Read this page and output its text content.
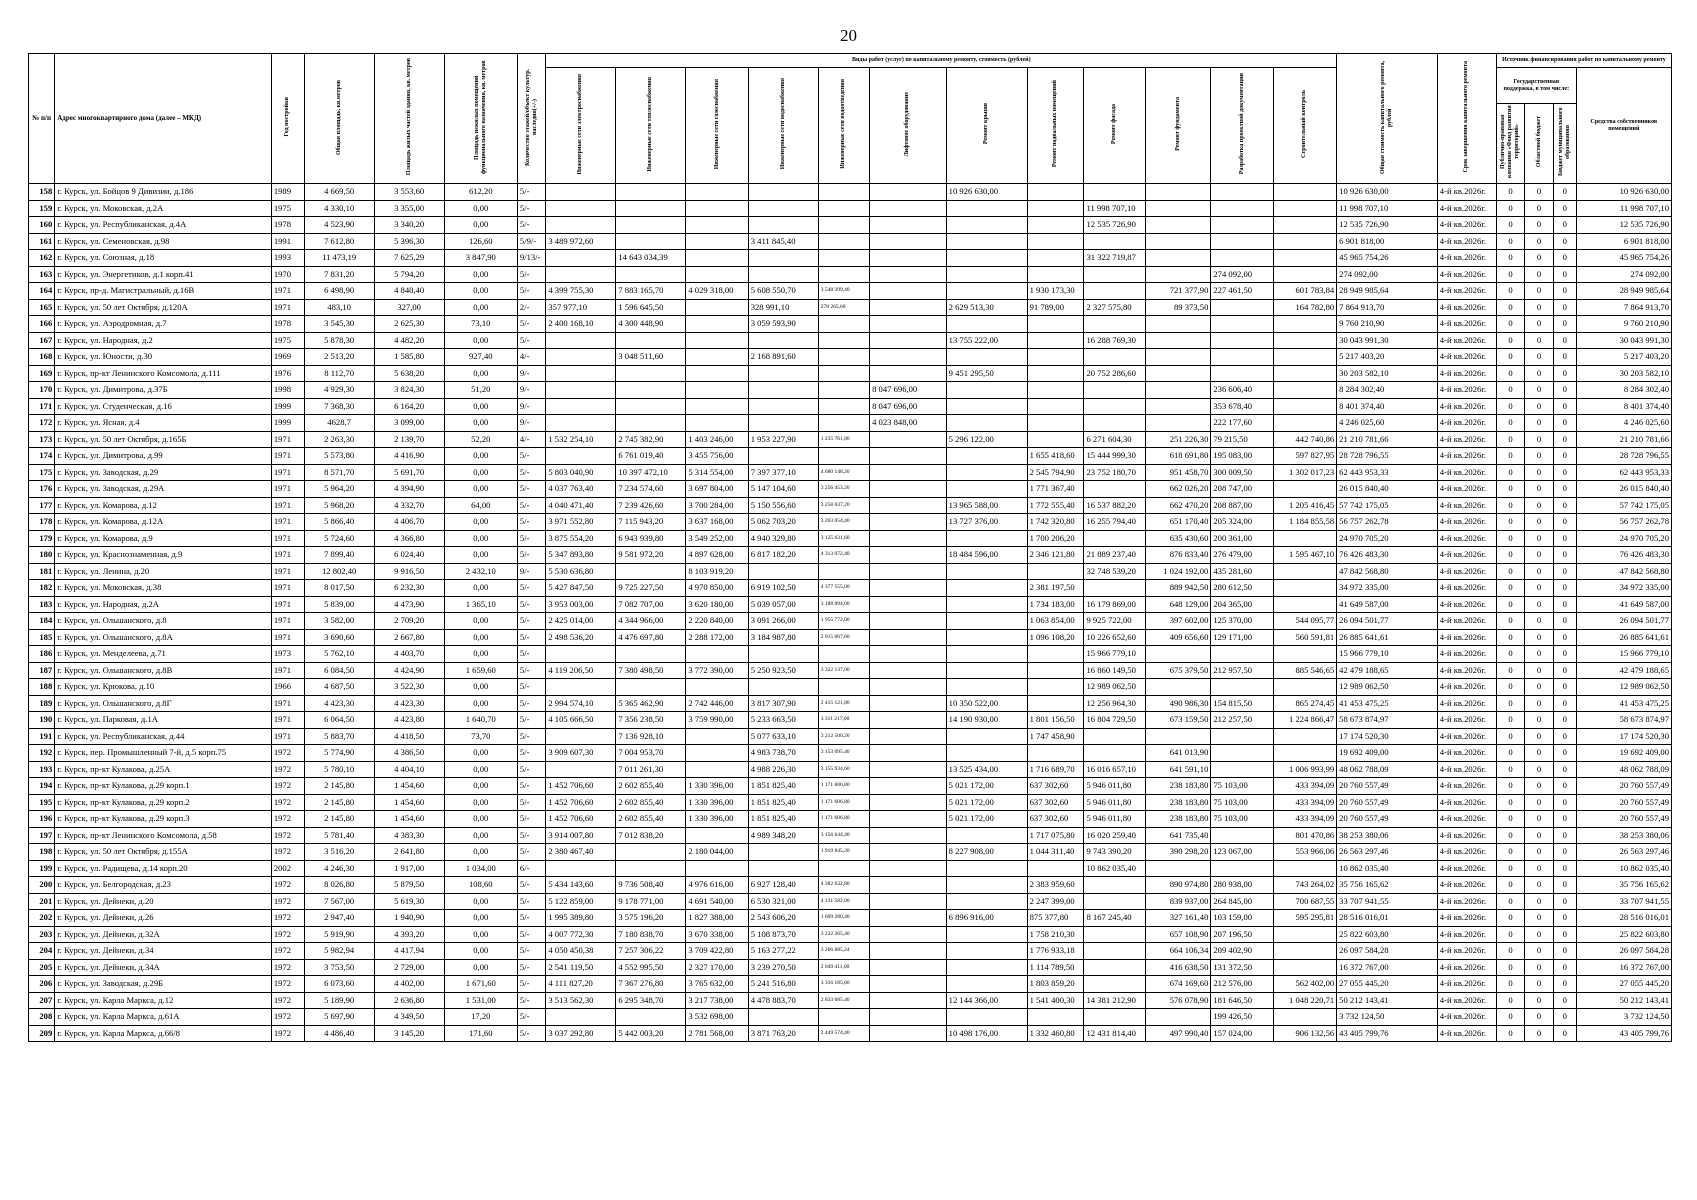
20
№ п/п	Адрес многоквартирного дома (далее – МКД)	Год постройки	Общая площадь, кв.метров	Площадь жилых частей здания, кв. метров	Площадь нежилых помещений функционального назначения, кв. метров	Количество этажей/объект культур. наследия(+/-)	Виды работ (услуг) по капитальному ремонту, стоимость (рублей)												Общая стоимость капитального ремонта, рублей	Срок завершения капитального ремонта	Источник финансирования работ по капитальному ремонту			
							Инженерные сети электроснабжения	Инженерные сети теплоснабжения	Инженерные сети газоснабжения	Инженерные сети водоснабжения	Инженерные сети водоотведения	Лифтовое оборудование	Ремонт крыши	Ремонт подвальных помещений	Ремонт фасада	Ремонт фундамента	Разработка проектной документации	Строительный контроль			Государственная поддержка, в том числе:			Средства собственников помещений
																					Публично-правовая компания «Фонд развития территорий»	Областной бюджет	Бюджет муниципального образования	
158	г. Курск, ул. Бойцов 9 Дивизии, д.186	1989	4 669,50	3 553,60	612,20	5/-							10 926 630,00						10 926 630,00	4-й кв.2026г.	0	0	0	10 926 630,00
159	г. Курск, ул. Моковская, д.2А	1975	4 330,10	3 355,00	0,00	5/-									11 998 707,10				11 998 707,10	4-й кв.2026г.	0	0	0	11 998 707,10
160	г. Курск, ул. Республиканская, д.4А	1978	4 523,90	3 340,20	0,00	5/-									12 535 726,90				12 535 726,90	4-й кв.2026г.	0	0	0	12 535 726,90
161	г. Курск, ул. Семеновская, д.98	1991	7 612,80	5 396,30	126,60	5/9/-	3 489 972,60			3 411 845,40									6 901 818,00	4-й кв.2026г.	0	0	0	6 901 818,00
162	г. Курск, ул. Союзная, д.18	1993	11 473,19	7 625,29	3 847,90	9/13/-		14 643 034,39							31 322 719,87				45 965 754,26	4-й кв.2026г.	0	0	0	45 965 754,26
163	г. Курск, ул. Энергетиков, д.1 корп.41	1970	7 831,20	5 794,20	0,00	5/-											274 092,00		274 092,00	4-й кв.2026г.	0	0	0	274 092,00
164	г. Курск, пр-д. Магистральный, д.16В	1971	6 498,90	4 840,40	0,00	5/-	4 399 755,30	7 883 165,70	4 029 318,00	5 608 550,70	3 548 399,40			1 930 173,30		721 377,90	227 461,50	601 783,84	28 949 985,64	4-й кв.2026г.	0	0	0	28 949 985,64
165	г. Курск, ул. 50 лет Октября, д.120А	1971	483,10	327,00	0,00	2/-	357 977,10	1 596 645,50		328 991,10	278 265,60		2 629 513,30	91 789,00	2 327 575,80	89 373,50		164 782,80	7 864 913,70	4-й кв.2026г.	0	0	0	7 864 913,70
166	г. Курск, ул. Аэродромная, д.7	1978	3 545,30	2 625,30	73,10	5/-	2 400 168,10	4 300 448,90		3 059 593,90									9 760 210,90	4-й кв.2026г.	0	0	0	9 760 210,90
167	г. Курск, ул. Народная, д.2	1975	5 878,30	4 482,20	0,00	5/-							13 755 222,00		16 288 769,30				30 043 991,30	4-й кв.2026г.	0	0	0	30 043 991,30
168	г. Курск, ул. Юности, д.30	1969	2 513,20	1 585,80	927,40	4/-		3 048 511,60		2 168 891,60									5 217 403,20	4-й кв.2026г.	0	0	0	5 217 403,20
169	г. Курск, пр-кт Ленинского Комсомола, д.111	1976	8 112,70	5 638,20	0,00	9/-							9 451 295,50		20 752 286,60				30 203 582,10	4-й кв.2026г.	0	0	0	30 203 582,10
170	г. Курск, ул. Димитрова, д.37Б	1998	4 929,30	3 824,30	51,20	9/-						8 047 696,00					236 606,40		8 284 302,40	4-й кв.2026г.	0	0	0	8 284 302,40
171	г. Курск, ул. Студенческая, д.16	1999	7 368,30	6 164,20	0,00	9/-						8 047 696,00					353 678,40		8 401 374,40	4-й кв.2026г.	0	0	0	8 401 374,40
172	г. Курск, ул. Ясная, д.4	1999	4628,7	3 099,00	0,00	9/-						4 023 848,00					222 177,60		4 246 025,60	4-й кв.2026г.	0	0	0	4 246 025,60
173	г. Курск, ул. 50 лет Октября, д.165Б	1971	2 263,30	2 139,70	52,20	4/-	1 532 254,10	2 745 382,90	1 403 246,00	1 953 227,90	1 235 761,80		5 296 122,00		6 271 604,30	251 226,30	79 215,50	442 740,86	21 210 781,66	4-й кв.2026г.	0	0	0	21 210 781,66
174	г. Курск, ул. Димитрова, д.99	1971	5 573,80	4 416,90	0,00	5/-		6 761 019,40	3 455 756,00					1 655 418,60	15 444 999,30	618 691,80	195 083,00	597 827,95	28 728 796,55	4-й кв.2026г.	0	0	0	28 728 796,55
175	г. Курск, ул. Заводская, д.29	1971	8 571,70	5 691,70	0,00	5/-	5 803 040,90	10 397 472,10	5 314 554,00	7 397 377,10	4 680 148,20			2 545 794,90	23 752 180,70	951 458,70	300 009,50	1 302 017,23	62 443 953,33	4-й кв.2026г.	0	0	0	62 443 953,33
176	г. Курск, ул. Заводская, д.29А	1971	5 964,20	4 394,90	0,00	5/-	4 037 763,40	7 234 574,60	3 697 804,00	5 147 104,60	3 256 453,20			1 771 367,40		662 026,20	208 747,00		26 015 840,40	4-й кв.2026г.	0	0	0	26 015 840,40
177	г. Курск, ул. Комарова, д.12	1971	5 968,20	4 332,70	64,00	5/-	4 040 471,40	7 239 426,60	3 700 284,00	5 150 556,60	3 258 637,20		13 965 588,00	1 772 555,40	16 537 882,20	662 470,20	208 887,00	1 205 416,45	57 742 175,05	4-й кв.2026г.	0	0	0	57 742 175,05
178	г. Курск, ул. Комарова, д.12А	1971	5 866,40	4 406,70	0,00	5/-	3 971 552,80	7 115 943,20	3 637 168,00	5 062 703,20	3 203 054,40		13 727 376,00	1 742 320,80	16 255 794,40	651 170,40	205 324,00	1 184 855,58	56 757 262,78	4-й кв.2026г.	0	0	0	56 757 262,78
179	г. Курск, ул. Комарова, д.9	1971	5 724,60	4 366,80	0,00	5/-	3 875 554,20	6 943 939,80	3 549 252,00	4 940 329,80	3 125 631,60			1 700 206,20		635 430,60	200 361,00		24 970 705,20	4-й кв.2026г.	0	0	0	24 970 705,20
180	г. Курск, ул. Краснознаменная, д.9	1971	7 899,40	6 024,40	0,00	5/-	5 347 893,80	9 581 972,20	4 897 628,00	6 817 182,20	4 313 072,40		18 484 596,00	2 346 121,80	21 889 237,40	876 833,40	276 479,00	1 595 467,10	76 426 483,30	4-й кв.2026г.	0	0	0	76 426 483,30
181	г. Курск, ул. Ленина, д.20	1971	12 802,40	9 916,50	2 432,10	9/-	5 530 636,80		8 103 919,20						32 748 539,20	1 024 192,00	435 281,60		47 842 568,80	4-й кв.2026г.	0	0	0	47 842 568,80
182	г. Курск, ул. Моковская, д.38	1971	8 017,50	6 232,30	0,00	5/-	5 427 847,50	9 725 227,50	4 970 850,00	6 919 102,50	4 377 555,00			2 381 197,50		889 942,50	280 612,50		34 972 335,00	4-й кв.2026г.	0	0	0	34 972 335,00
183	г. Курск, ул. Народная, д.2А	1971	5 839,00	4 473,90	1 365,10	5/-	3 953 003,00	7 082 707,00	3 620 180,00	5 039 057,00	3 188 094,00			1 734 183,00	16 179 869,00	648 129,00	204 365,00		41 649 587,00	4-й кв.2026г.	0	0	0	41 649 587,00
184	г. Курск, ул. Ольшанского, д.8	1971	3 582,00	2 709,20	0,00	5/-	2 425 014,00	4 344 966,00	2 220 840,00	3 091 266,00	1 955 772,00			1 063 854,00	9 925 722,00	397 602,00	125 370,00	544 095,77	26 094 501,77	4-й кв.2026г.	0	0	0	26 094 501,77
185	г. Курск, ул. Ольшанского, д.8А	1971	3 690,60	2 667,80	0,00	5/-	2 498 536,20	4 476 697,80	2 288 172,00	3 184 987,80	2 015 067,60			1 096 108,20	10 226 652,60	409 656,60	129 171,00	560 591,81	26 885 641,61	4-й кв.2026г.	0	0	0	26 885 641,61
186	г. Курск, ул. Менделеева, д.71	1973	5 762,10	4 403,70	0,00	5/-									15 966 779,10				15 966 779,10	4-й кв.2026г.	0	0	0	15 966 779,10
187	г. Курск, ул. Ольшанского, д.8В	1971	6 084,50	4 424,90	1 659,60	5/-	4 119 206,50	7 380 498,50	3 772 390,00	5 250 923,50	3 322 137,00				16 860 149,50	675 379,50	212 957,50	885 546,65	42 479 188,65	4-й кв.2026г.	0	0	0	42 479 188,65
188	г. Курск, ул. Крюкова, д.10	1966	4 687,50	3 522,30	0,00	5/-									12 989 062,50				12 989 062,50	4-й кв.2026г.	0	0	0	12 989 062,50
189	г. Курск, ул. Ольшанского, д.8Г	1971	4 423,30	4 423,30	0,00	5/-	2 994 574,10	5 365 462,90	2 742 446,00	3 817 307,90	2 415 121,80		10 350 522,00		12 256 964,30	490 986,30	154 815,50	865 274,45	41 453 475,25	4-й кв.2026г.	0	0	0	41 453 475,25
190	г. Курск, ул. Парковая, д.1А	1971	6 064,50	4 423,80	1 640,70	5/-	4 105 666,50	7 356 238,50	3 759 990,00	5 233 663,50	3 311 217,00		14 190 930,00	1 801 156,50	16 804 729,50	673 159,50	212 257,50	1 224 866,47	58 673 874,97	4-й кв.2026г.	0	0	0	58 673 874,97
191	г. Курск, ул. Республиканская, д.44	1971	5 883,70	4 418,50	73,70	5/-		7 136 928,10		5 077 633,10	3 212 500,20			1 747 458,90					17 174 520,30	4-й кв.2026г.	0	0	0	17 174 520,30
192	г. Курск, пер. Промышленный 7-й, д.5 корп.75	1972	5 774,90	4 386,50	0,00	5/-	3 909 607,30	7 004 953,70		4 983 738,70	3 153 095,40					641 013,90			19 692 409,00	4-й кв.2026г.	0	0	0	19 692 409,00
193	г. Курск, пр-кт Кулакова, д.25А	1972	5 780,10	4 404,10	0,00	5/-		7 011 261,30		4 988 226,30	3 155 934,60		13 525 434,00	1 716 689,70	16 016 657,10	641 591,10		1 006 993,99	48 062 788,09	4-й кв.2026г.	0	0	0	48 062 788,09
194	г. Курск, пр-кт Кулакова, д.29 корп.1	1972	2 145,80	1 454,60	0,00	5/-	1 452 706,60	2 602 855,40	1 330 396,00	1 851 825,40	1 171 606,80		5 021 172,00	637 302,60	5 946 011,80	238 183,80	75 103,00	433 394,09	20 760 557,49	4-й кв.2026г.	0	0	0	20 760 557,49
195	г. Курск, пр-кт Кулакова, д.29 корп.2	1972	2 145,80	1 454,60	0,00	5/-	1 452 706,60	2 602 855,40	1 330 396,00	1 851 825,40	1 171 606,80		5 021 172,00	637 302,60	5 946 011,80	238 183,80	75 103,00	433 394,09	20 760 557,49	4-й кв.2026г.	0	0	0	20 760 557,49
196	г. Курск, пр-кт Кулакова, д.29 корп.3	1972	2 145,80	1 454,60	0,00	5/-	1 452 706,60	2 602 855,40	1 330 396,00	1 851 825,40	1 171 606,80		5 021 172,00	637 302,60	5 946 011,80	238 183,80	75 103,00	433 394,09	20 760 557,49	4-й кв.2026г.	0	0	0	20 760 557,49
197	г. Курск, пр-кт Ленинского Комсомола, д.58	1972	5 781,40	4 383,30	0,00	5/-	3 914 007,80	7 012 838,20		4 989 348,20	3 156 644,40			1 717 075,80	16 020 259,40	641 735,40		801 470,86	38 253 380,06	4-й кв.2026г.	0	0	0	38 253 380,06
198	г. Курск, ул. 50 лет Октября, д.155А	1972	3 516,20	2 641,80	0,00	5/-	2 380 467,40		2 180 044,00		1 919 845,20		8 227 908,00	1 044 311,40	9 743 390,20	390 298,20	123 067,00	553 966,06	26 563 297,46	4-й кв.2026г.	0	0	0	26 563 297,46
199	г. Курск, ул. Радищева, д.14 корп.20	2002	4 246,30	1 917,00	1 034,00	6/-									10 862 035,40				10 862 035,40	4-й кв.2026г.	0	0	0	10 862 035,40
200	г. Курск, ул. Белгородская, д.23	1972	8 026,80	5 879,50	108,60	5/-	5 434 143,60	9 736 508,40	4 976 616,00	6 927 128,40	4 382 632,80			2 383 959,60		890 974,80	280 938,00	743 264,02	35 756 165,62	4-й кв.2026г.	0	0	0	35 756 165,62
201	г. Курск, ул. Дейнеки, д.20	1972	7 567,00	5 619,30	0,00	5/-	5 122 859,00	9 178 771,00	4 691 540,00	6 530 321,00	4 131 582,00			2 247 399,00		839 937,00	264 845,00	700 687,55	33 707 941,55	4-й кв.2026г.	0	0	0	33 707 941,55
202	г. Курск, ул. Дейнеки, д.26	1972	2 947,40	1 940,90	0,00	5/-	1 995 389,80	3 575 196,20	1 827 388,00	2 543 606,20	1 609 280,40		6 896 916,00	875 377,80	8 167 245,40	327 161,40	103 159,00	595 295,81	28 516 016,01	4-й кв.2026г.	0	0	0	28 516 016,01
203	г. Курск, ул. Дейнеки, д.32А	1972	5 919,90	4 393,20	0,00	5/-	4 007 772,30	7 180 838,70	3 670 338,00	5 108 873,70	3 232 265,40			1 758 210,30		657 108,90	207 196,50		25 822 603,80	4-й кв.2026г.	0	0	0	25 822 603,80
204	г. Курск, ул. Дейнеки, д.34	1972	5 982,94	4 417,94	0,00	5/-	4 050 450,38	7 257 306,22	3 709 422,80	5 163 277,22	3 266 685,24			1 776 933,18		664 106,34	209 402,90		26 097 584,28	4-й кв.2026г.	0	0	0	26 097 584,28
205	г. Курск, ул. Дейнеки, д.34А	1972	3 753,50	2 729,00	0,00	5/-	2 541 119,50	4 552 995,50	2 327 170,00	3 239 270,50	2 049 411,00			1 114 789,50		416 638,50	131 372,50		16 372 767,00	4-й кв.2026г.	0	0	0	16 372 767,00
206	г. Курск, ул. Заводская, д.29Б	1972	6 073,60	4 402,00	1 671,60	5/-	4 111 827,20	7 367 276,80	3 765 632,00	5 241 516,80	3 316 185,60			1 803 859,20		674 169,60	212 576,00	562 402,00	27 055 445,20	4-й кв.2026г.	0	0	0	27 055 445,20
207	г. Курск, ул. Карла Маркса, д.12	1972	5 189,90	2 636,80	1 531,00	5/-	3 513 562,30	6 295 348,70	3 217 738,00	4 478 883,70	2 833 685,40		12 144 366,00	1 541 400,30	14 381 212,90	576 078,90	181 646,50	1 048 220,71	50 212 143,41	4-й кв.2026г.	0	0	0	50 212 143,41
208	г. Курск, ул. Карла Маркса, д.61А	1972	5 697,90	4 349,50	17,20	5/-			3 532 698,00								199 426,50		3 732 124,50	4-й кв.2026г.	0	0	0	3 732 124,50
209	г. Курск, ул. Карла Маркса, д.66/8	1972	4 486,40	3 145,20	171,60	5/-	3 037 292,80	5 442 003,20	2 781 568,00	3 871 763,20	2 449 574,40		10 498 176,00	1 332 460,80	12 431 814,40	497 990,40	157 024,00	906 132,56	43 405 799,76	4-й кв.2026г.	0	0	0	43 405 799,76
